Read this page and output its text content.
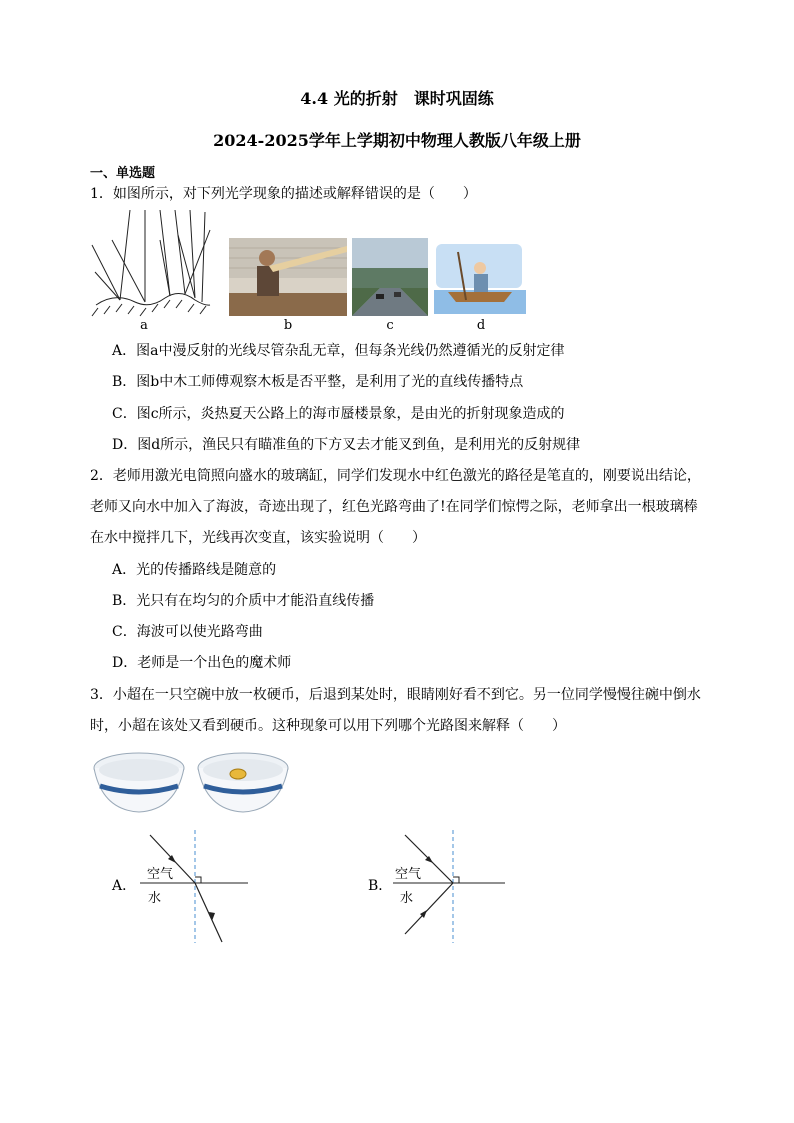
4.4 光的折射　课时巩固练
2024-2025学年上学期初中物理人教版八年级上册
一、单选题
1．如图所示，对下列光学现象的描述或解释错误的是（　　）
a	b	c	d
A．图a中漫反射的光线尽管杂乱无章，但每条光线仍然遵循光的反射定律
B．图b中木工师傅观察木板是否平整，是利用了光的直线传播特点
C．图c所示，炎热夏天公路上的海市蜃楼景象，是由光的折射现象造成的
D．图d所示，渔民只有瞄准鱼的下方叉去才能叉到鱼，是利用光的反射规律
2．老师用激光电筒照向盛水的玻璃缸，同学们发现水中红色激光的路径是笔直的，刚要说出结论，
老师又向水中加入了海波，奇迹出现了，红色光路弯曲了!在同学们惊愕之际，老师拿出一根玻璃棒
在水中搅拌几下，光线再次变直，该实验说明（　　）
A．光的传播路线是随意的
B．光只有在均匀的介质中才能沿直线传播
C．海波可以使光路弯曲
D．老师是一个出色的魔术师
3．小超在一只空碗中放一枚硬币，后退到某处时，眼睛刚好看不到它。另一位同学慢慢往碗中倒水
时，小超在该处又看到硬币。这种现象可以用下列哪个光路图来解释（　　）
A．
空气
水
B．
空气
水
